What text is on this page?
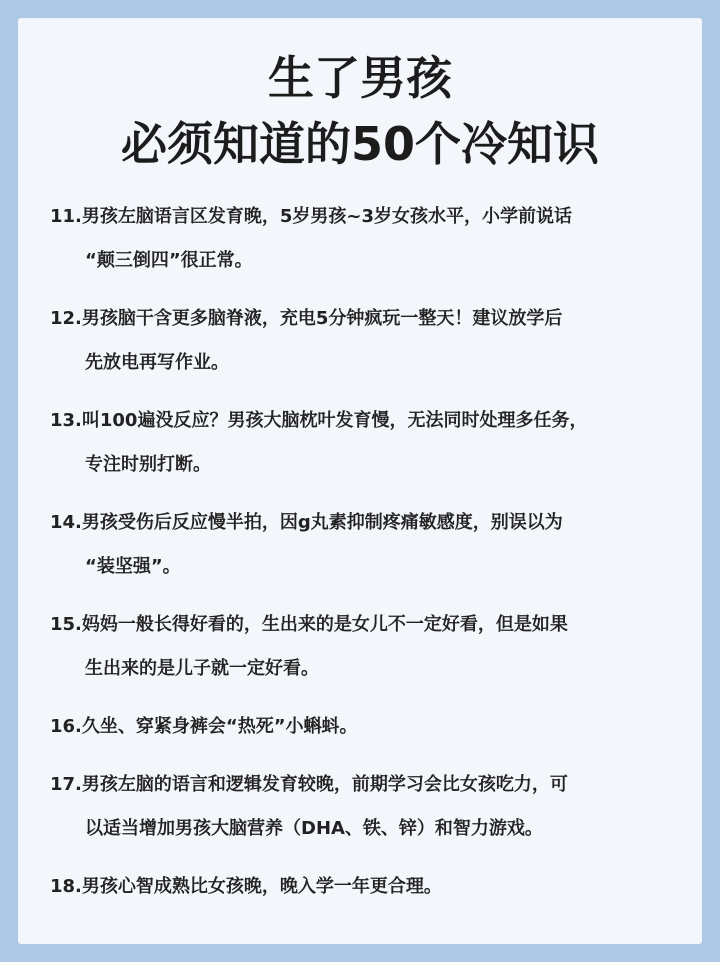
生了男孩
必须知道的50个冷知识
11.男孩左脑语言区发育晚，5岁男孩~3岁女孩水平，小学前说话
“颠三倒四”很正常。
12.男孩脑干含更多脑脊液，充电5分钟疯玩一整天！建议放学后
先放电再写作业。
13.叫100遍没反应？男孩大脑枕叶发育慢，无法同时处理多任务，
专注时别打断。
14.男孩受伤后反应慢半拍，因g丸素抑制疼痛敏感度，别误以为
“装坚强”。
15.妈妈一般长得好看的，生出来的是女儿不一定好看，但是如果
生出来的是儿子就一定好看。
16.久坐、穿紧身裤会“热死”小蝌蚪。
17.男孩左脑的语言和逻辑发育较晚，前期学习会比女孩吃力，可
以适当增加男孩大脑营养（DHA、铁、锌）和智力游戏。
18.男孩心智成熟比女孩晚，晚入学一年更合理。
